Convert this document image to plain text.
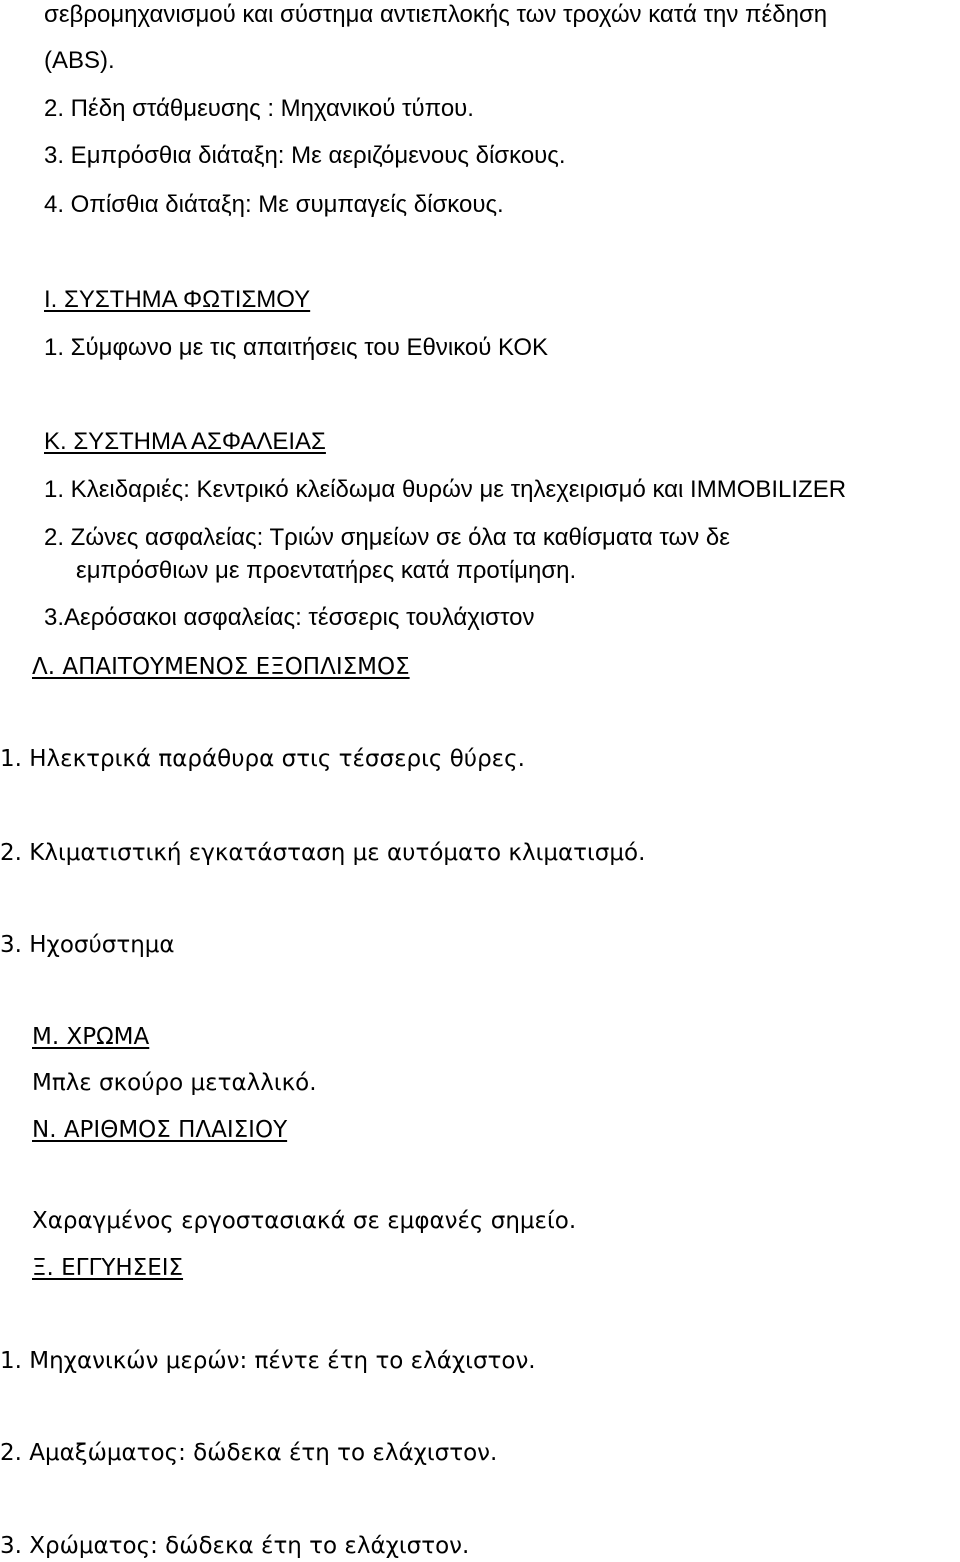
σεβρομηχανισμού και σύστημα αντιεπλοκής των τροχών κατά την πέδηση

(ABS).

2. Πέδη στάθμευσης : Μηχανικού τύπου.

3. Εμπρόσθια διάταξη: Με αεριζόμενους δίσκους.

4. Οπίσθια διάταξη: Με συμπαγείς δίσκους.

Ι. ΣΥΣΤΗΜΑ ΦΩΤΙΣΜΟΥ

1. Σύμφωνο με τις απαιτήσεις του Εθνικού ΚΟΚ

Κ. ΣΥΣΤΗΜΑ ΑΣΦΑΛΕΙΑΣ

1. Κλειδαριές: Κεντρικό κλείδωμα θυρών με τηλεχειρισμό και IMMOBILIZER

2. Ζώνες ασφαλείας: Τριών σημείων σε όλα τα καθίσματα των δε

εμπρόσθιων με προεντατήρες κατά προτίμηση.

3.Αερόσακοι ασφαλείας: τέσσερις τουλάχιστον

Λ. ΑΠΑΙΤΟΥΜΕΝΟΣ ΕΞΟΠΛΙΣΜΟΣ

1. Ηλεκτρικά παράθυρα στις τέσσερις θύρες.

2. Κλιματιστική εγκατάσταση με αυτόματο κλιματισμό.

3. Ηχοσύστημα

Μ. ΧΡΩΜΑ

Μπλε σκούρο μεταλλικό.

Ν. ΑΡΙΘΜΟΣ ΠΛΑΙΣΙΟΥ

Χαραγμένος εργοστασιακά σε εμφανές σημείο.

Ξ. ΕΓΓΥΗΣΕΙΣ

1. Μηχανικών μερών: πέντε έτη το ελάχιστον.

2. Αμαξώματος: δώδεκα έτη το ελάχιστον.

3. Χρώματος: δώδεκα έτη το ελάχιστον.
